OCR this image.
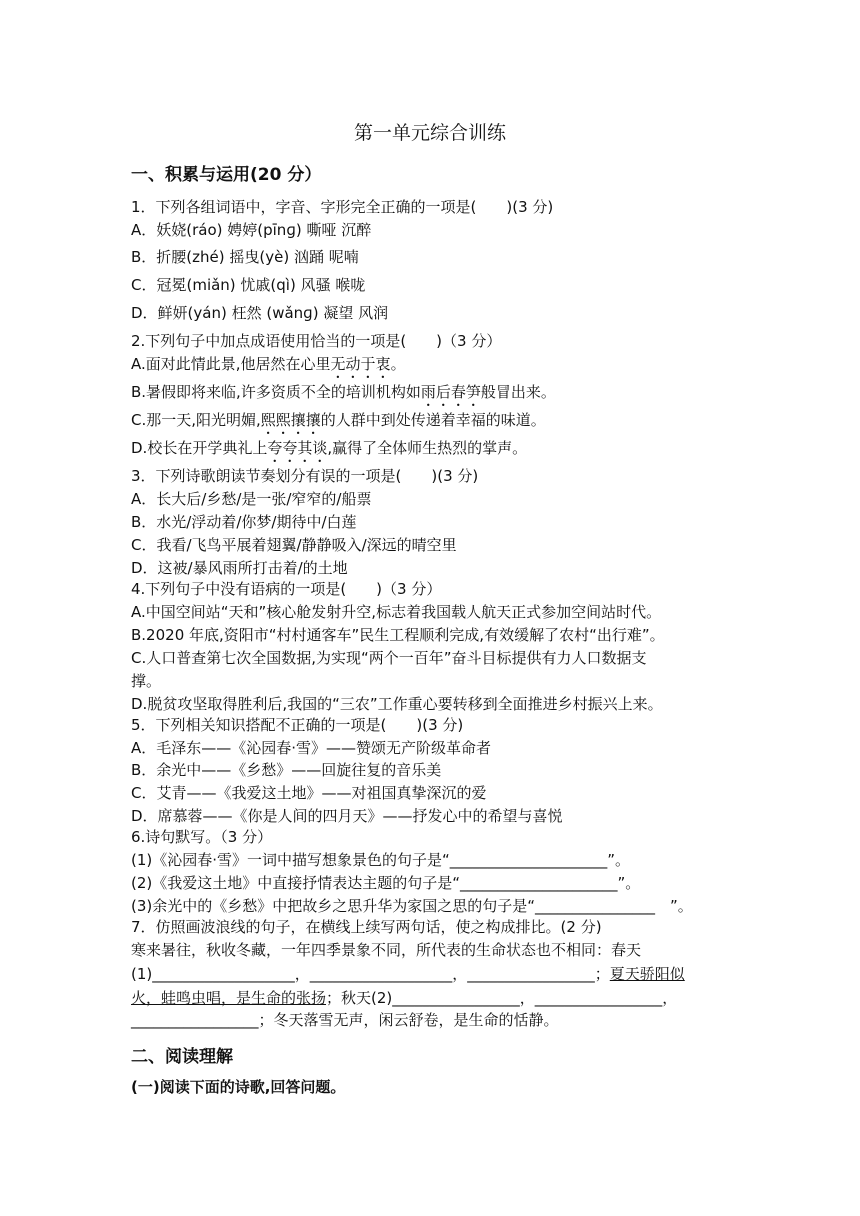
第一单元综合训练
一、积累与运用(20 分）
1．下列各组词语中，字音、字形完全正确的一项是(　　)(3 分)
A．妖娆(ráo) 娉婷(pīnɡ) 嘶哑 沉醉
B．折腰(zhé) 摇曳(yè) 汹踊 呢喃
C．冠冕(miǎn) 忧戚(qì) 风骚 喉咙
D．鲜妍(yán) 枉然 (wǎnɡ) 凝望 风润
2.下列句子中加点成语使用恰当的一项是(　　)（3 分）
A.面对此情此景,他居然在心里无动于衷。
B.暑假即将来临,许多资质不全的培训机构如雨后春笋般冒出来。
C.那一天,阳光明媚,熙熙攘攘的人群中到处传递着幸福的味道。
D.校长在开学典礼上夸夸其谈,赢得了全体师生热烈的掌声。
3．下列诗歌朗读节奏划分有误的一项是(　　)(3 分)
A．长大后/乡愁/是一张/窄窄的/船票
B．水光/浮动着/你梦/期待中/白莲
C．我看/飞鸟平展着翅翼/静静吸入/深远的晴空里
D．这被/暴风雨所打击着/的土地
4.下列句子中没有语病的一项是(　　)（3 分）
A.中国空间站“天和”核心舱发射升空,标志着我国载人航天正式参加空间站时代。
B.2020 年底,资阳市“村村通客车”民生工程顺利完成,有效缓解了农村“出行难”。
C.人口普查第七次全国数据,为实现“两个一百年”奋斗目标提供有力人口数据支
撑。
D.脱贫攻坚取得胜利后,我国的“三农”工作重心要转移到全面推进乡村振兴上来。
5．下列相关知识搭配不正确的一项是(　　)(3 分)
A．毛泽东——《沁园春·雪》——赞颂无产阶级革命者
B．余光中——《乡愁》——回旋往复的音乐美
C．艾青——《我爱这土地》——对祖国真挚深沉的爱
D．席慕蓉——《你是人间的四月天》——抒发心中的希望与喜悦
6.诗句默写。（3 分）
(1)《沁园春·雪》一词中描写想象景色的句子是“_____________________”。
(2)《我爱这土地》中直接抒情表达主题的句子是“_____________________”。
(3)余光中的《乡愁》中把故乡之思升华为家国之思的句子是“________________　”。
7．仿照画波浪线的句子，在横线上续写两句话，使之构成排比。(2 分)
寒来暑往，秋收冬藏，一年四季景象不同，所代表的生命状态也不相同：春天
(1)___________________，___________________，_________________；夏天骄阳似
火，蛙鸣虫唱，是生命的张扬；秋天(2)_________________，_________________，
_________________；冬天落雪无声，闲云舒卷，是生命的恬静。
二、阅读理解
(一)阅读下面的诗歌,回答问题。
